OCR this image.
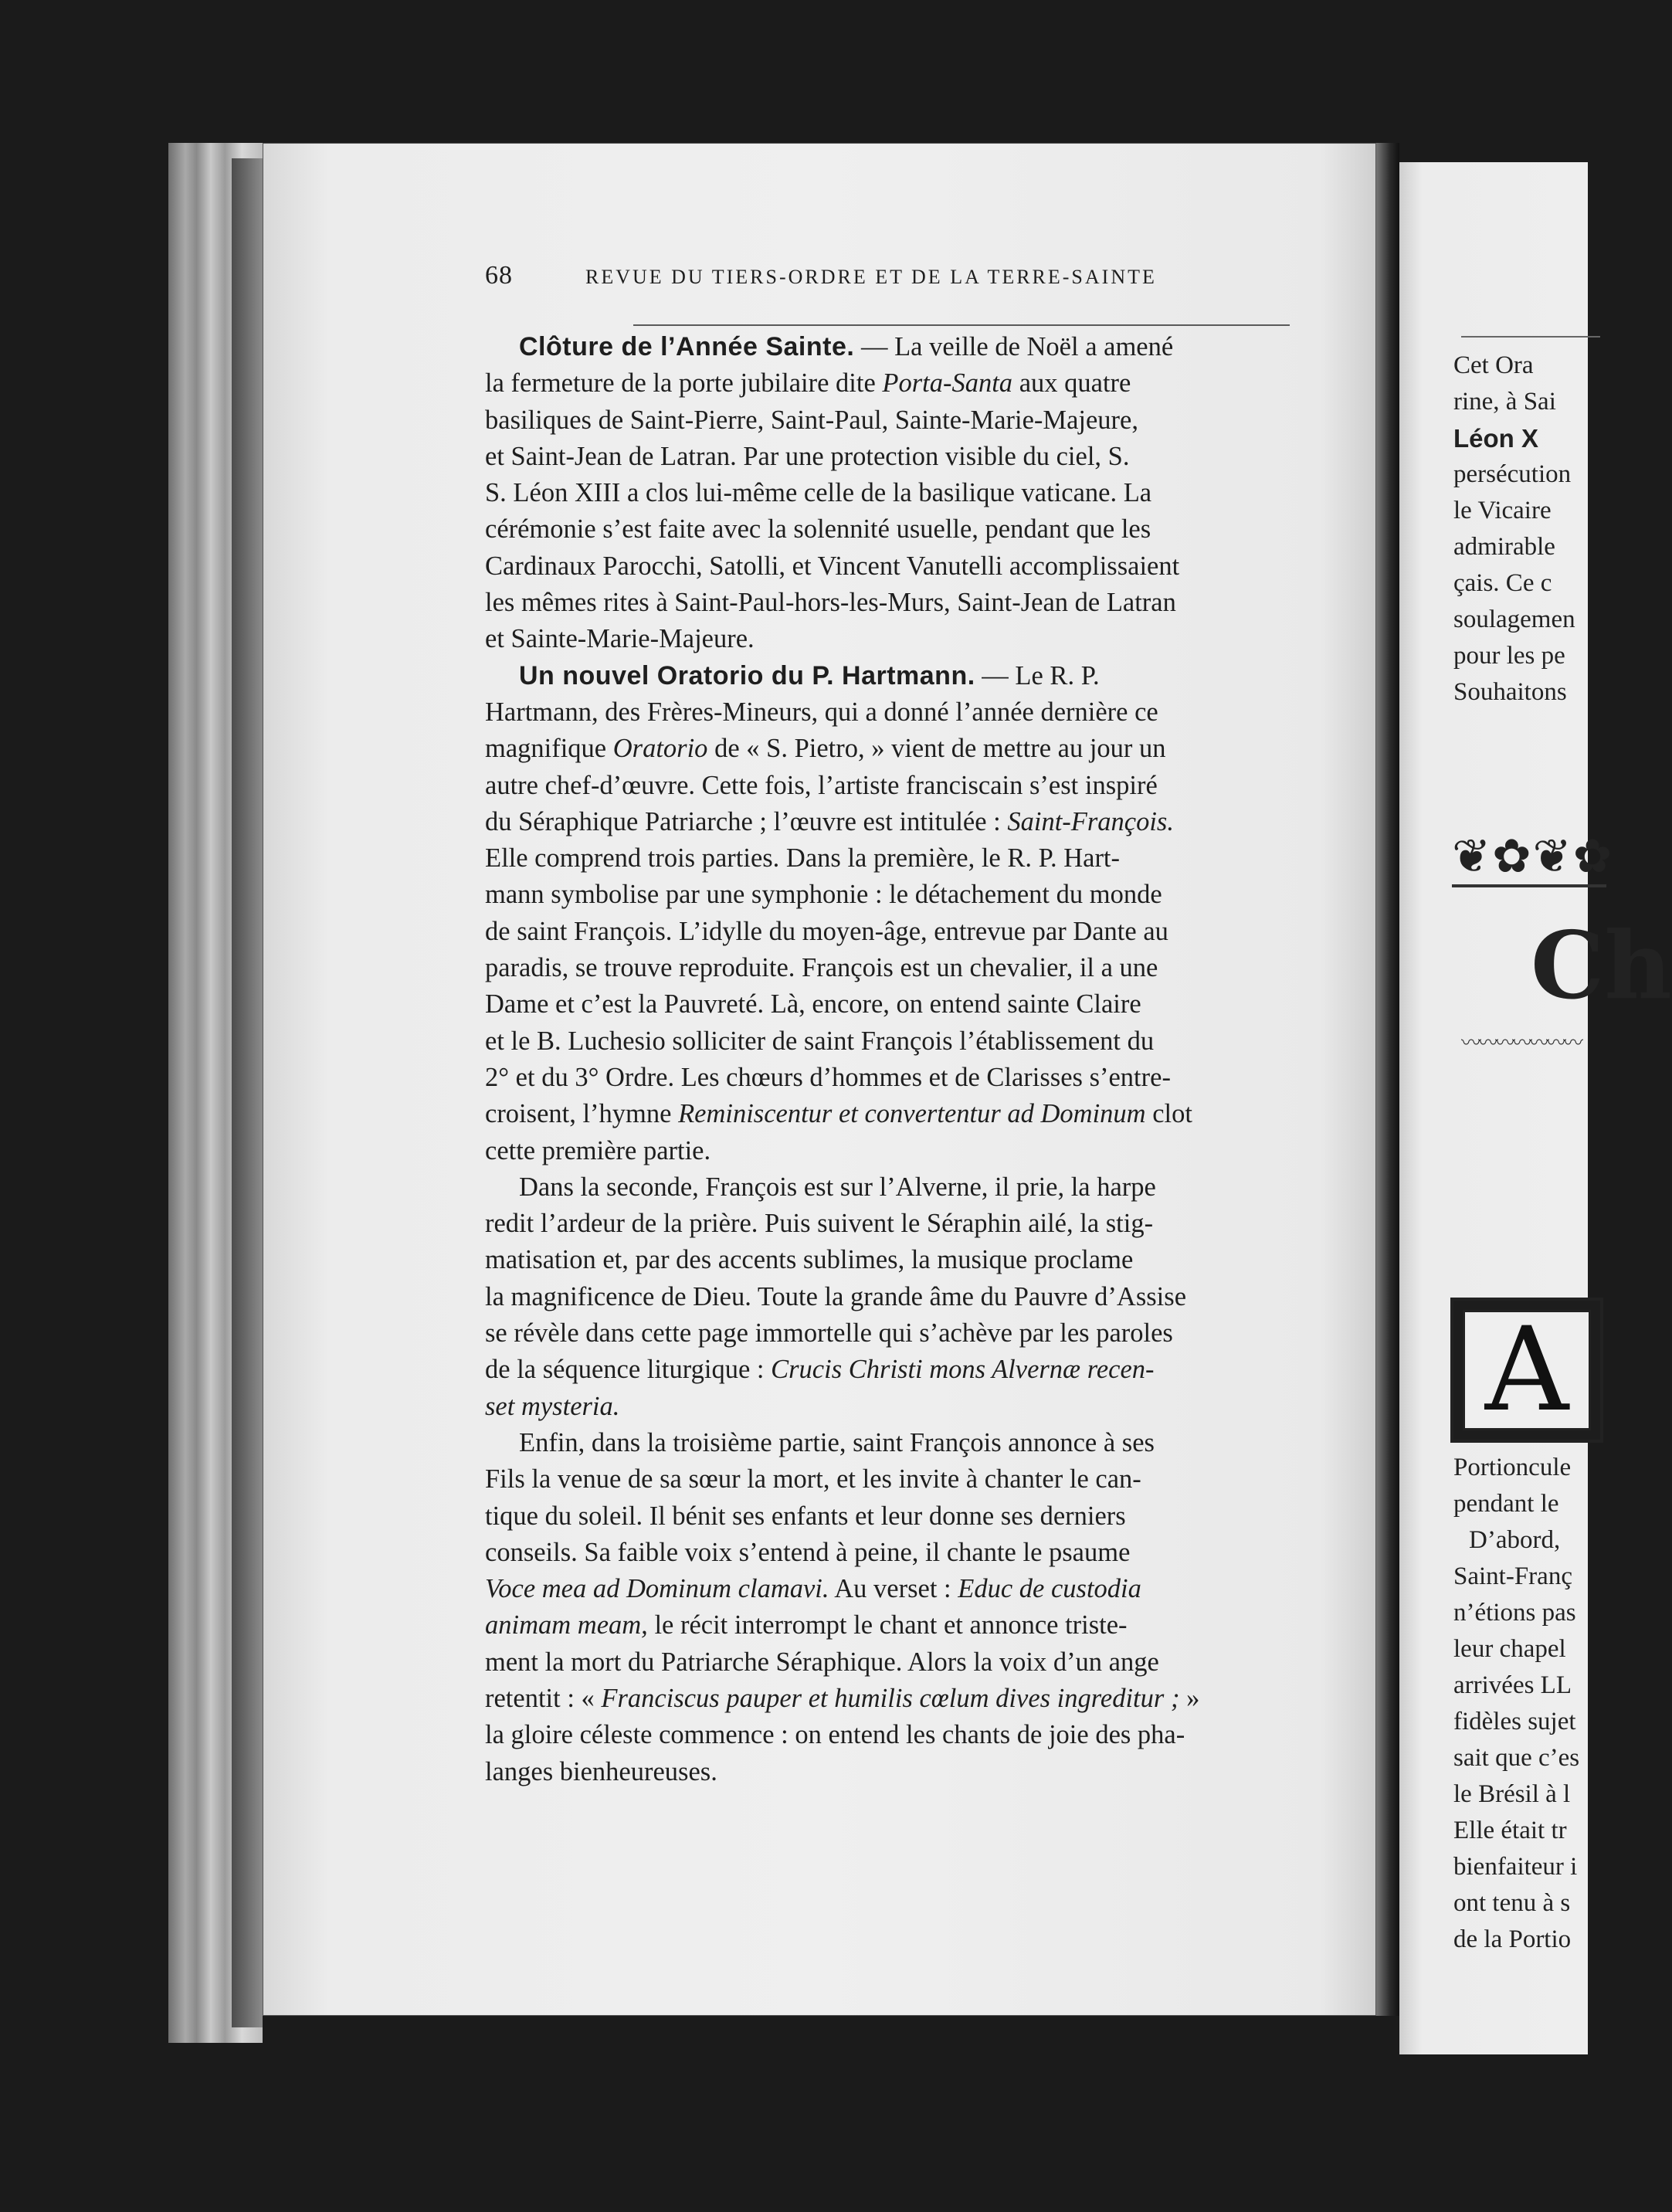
68	REVUE DU TIERS-ORDRE ET DE LA TERRE-SAINTE

Clôture de l’Année Sainte. — La veille de Noël a amené
la fermeture de la porte jubilaire dite Porta-Santa aux quatre
basiliques de Saint-Pierre, Saint-Paul, Sainte-Marie-Majeure,
et Saint-Jean de Latran. Par une protection visible du ciel, S.
S. Léon XIII a clos lui-même celle de la basilique vaticane. La
cérémonie s’est faite avec la solennité usuelle, pendant que les
Cardinaux Parocchi, Satolli, et Vincent Vanutelli accomplissaient
les mêmes rites à Saint-Paul-hors-les-Murs, Saint-Jean de Latran
et Sainte-Marie-Majeure.

Un nouvel Oratorio du P. Hartmann. — Le R. P.
Hartmann, des Frères-Mineurs, qui a donné l’année dernière ce
magnifique Oratorio de « S. Pietro, » vient de mettre au jour un
autre chef-d’œuvre. Cette fois, l’artiste franciscain s’est inspiré
du Séraphique Patriarche ; l’œuvre est intitulée : Saint-François.
Elle comprend trois parties. Dans la première, le R. P. Hart-
mann symbolise par une symphonie : le détachement du monde
de saint François. L’idylle du moyen-âge, entrevue par Dante au
paradis, se trouve reproduite. François est un chevalier, il a une
Dame et c’est la Pauvreté. Là, encore, on entend sainte Claire
et le B. Luchesio solliciter de saint François l’établissement du
2° et du 3° Ordre. Les chœurs d’hommes et de Clarisses s’entre-
croisent, l’hymne Reminiscentur et convertentur ad Dominum clot
cette première partie.

Dans la seconde, François est sur l’Alverne, il prie, la harpe
redit l’ardeur de la prière. Puis suivent le Séraphin ailé, la stig-
matisation et, par des accents sublimes, la musique proclame
la magnificence de Dieu. Toute la grande âme du Pauvre d’Assise
se révèle dans cette page immortelle qui s’achève par les paroles
de la séquence liturgique : Crucis Christi mons Alvernæ recen-
set mysteria.

Enfin, dans la troisième partie, saint François annonce à ses
Fils la venue de sa sœur la mort, et les invite à chanter le can-
tique du soleil. Il bénit ses enfants et leur donne ses derniers
conseils. Sa faible voix s’entend à peine, il chante le psaume
Voce mea ad Dominum clamavi. Au verset : Educ de custodia
animam meam, le récit interrompt le chant et annonce triste-
ment la mort du Patriarche Séraphique. Alors la voix d’un ange
retentit : « Franciscus pauper et humilis cœlum dives ingreditur ; »
la gloire céleste commence : on entend les chants de joie des pha-
langes bienheureuses.

Cet Ora
rine, à Sai
Léon X
persécution
le Vicaire
admirable
çais. Ce c
soulagemen
pour les pe
Souhaitons
❦✿❦✿
Ch
〰〰〰〰〰〰〰
A
Portioncule
pendant le
D’abord,
Saint-Franç
n’étions pas
leur chapel
arrivées LL
fidèles sujet
sait que c’es
le Brésil à l
Elle était tr
bienfaiteur i
ont tenu à s
de la Portio
